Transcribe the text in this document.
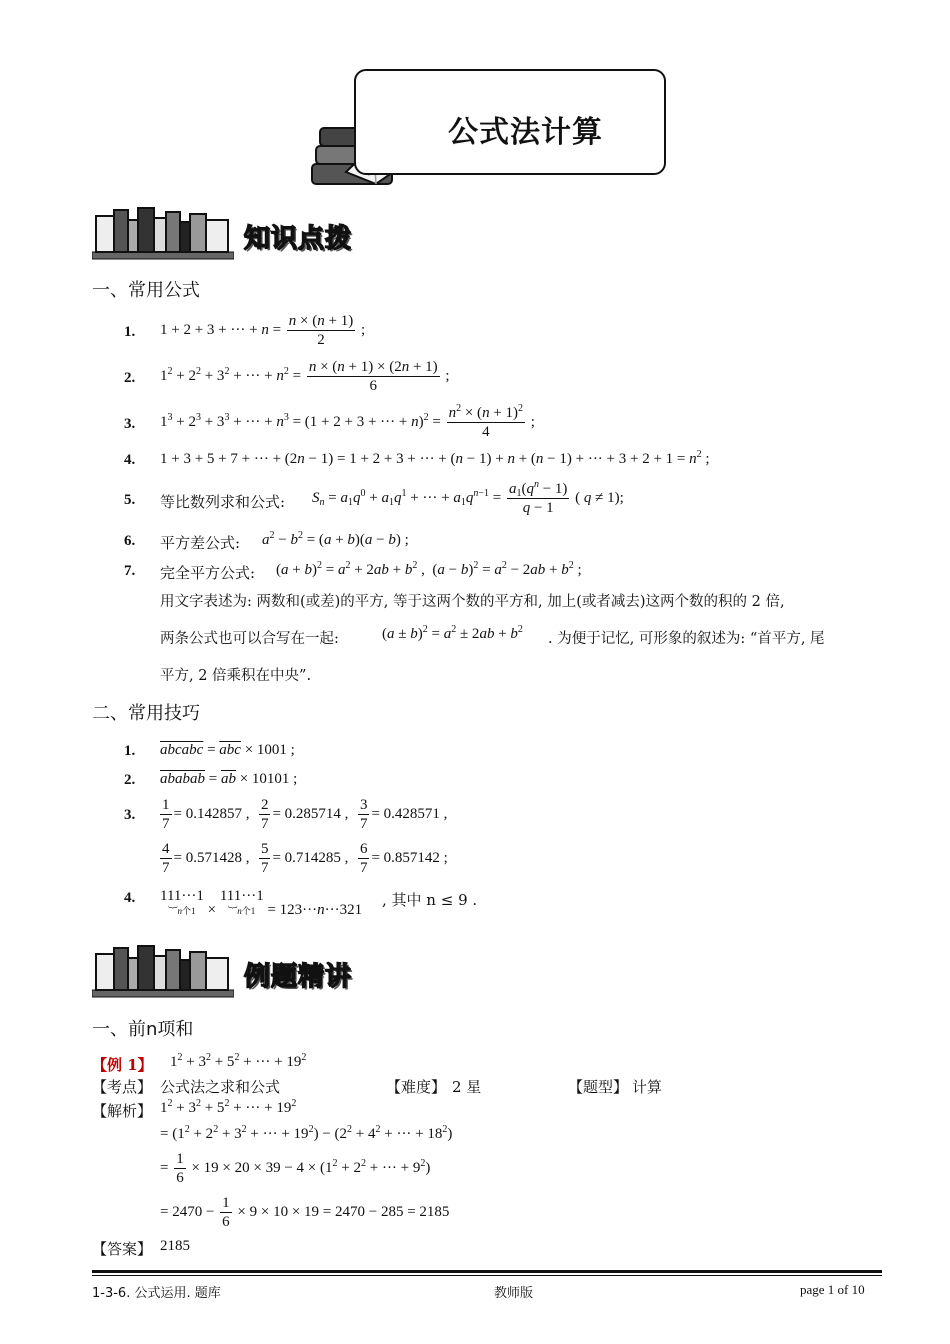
公式法计算
知识点拨
一、常用公式
1. 1 + 2 + 3 + ··· + $n = \frac{n \times (n + 1)}{2}$ ;
2. $1^2 + 2^2 + 3^2$ + ··· + $n^2 = \frac{n \times (n + 1) \times (2n + 1)}{6}$ ;
3. $1^3 + 2^3 + 3^3$ + ··· + $n^3 = (1 + 2 + 3$ + ··· + $n)^2 = \frac{n^2 \times (n + 1)^2}{4}$ ;
4. 1 + 3 + 5 + 7 + ··· + (2n − 1) = 1 + 2 + 3 + ··· + (n − 1) + n + (n − 1) + ··· + $3 + 2 + 1 = n^2$ ;
5. 等比数列求和公式: $S_n = a_1q^0 + a_1q^1$ + ··· + $a_1q^{n-1} = \frac{a_1(q^n - 1)}{q - 1}$ ( q ≠ 1);
6. 平方差公式: $a^2 - b^2 = (a + b)(a - b)$ ;
7. 完全平方公式: $(a + b)^2 = a^2 + 2ab + b^2$ ,  $(a - b)^2 = a^2 - 2ab + b^2$ ;
用文字表述为: 两数和(或差)的平方, 等于这两个数的平方和, 加上(或者减去)这两个数的积的 2 倍,
两条公式也可以合写在一起:	$(a \pm b)^2 = a^2 \pm 2ab + b^2$
. 为便于记忆, 可形象的叙述为: “首平方, 尾
平方, 2 倍乘积在中央”.
二、常用技巧
1. abcabc = $\overline{abc} \times 1001$ ;
2. ababab = $\overline{ab} \times 10101$ ;
3. $\frac{1}{7} = 0.142857$ , $\frac{2}{7} = 0.285714$ , $\frac{3}{7} = 0.428571$ ,
$\frac{4}{7} = 0.571428$ , $\frac{5}{7} = 0.714285$ , $\frac{6}{7} = 0.857142$ ;
4. 111···1
︸n个1 × 111···1
︸n个1 = 123···n···321
, 其中 n ≤ 9 .
例题精讲
一、前n项和
【例 1】 $1^2 + 3^2 + 5^2$ + ··· + $19^2$
【考点】 公式法之求和公式	【难度】 2 星	【题型】 计算
【解析】 $1^2 + 3^2 + 5^2$ + ··· + $19^2$
= ($1^2 + 2^2 + 3^2$ + ··· + $19^2) - (2^2 + 4^2$ + ··· + $18^2$)
= $\frac{1}{6} \times 19 \times 20 \times 39 - 4 \times (1^2 + 2^2$ + ··· + $9^2$)
= $2470 - \frac{1}{6} \times 9 \times 10 \times 19 = 2470 - 285 = 2185$
【答案】 2185
1-3-6. 公式运用. 题库	教师版	page 1 of 10
